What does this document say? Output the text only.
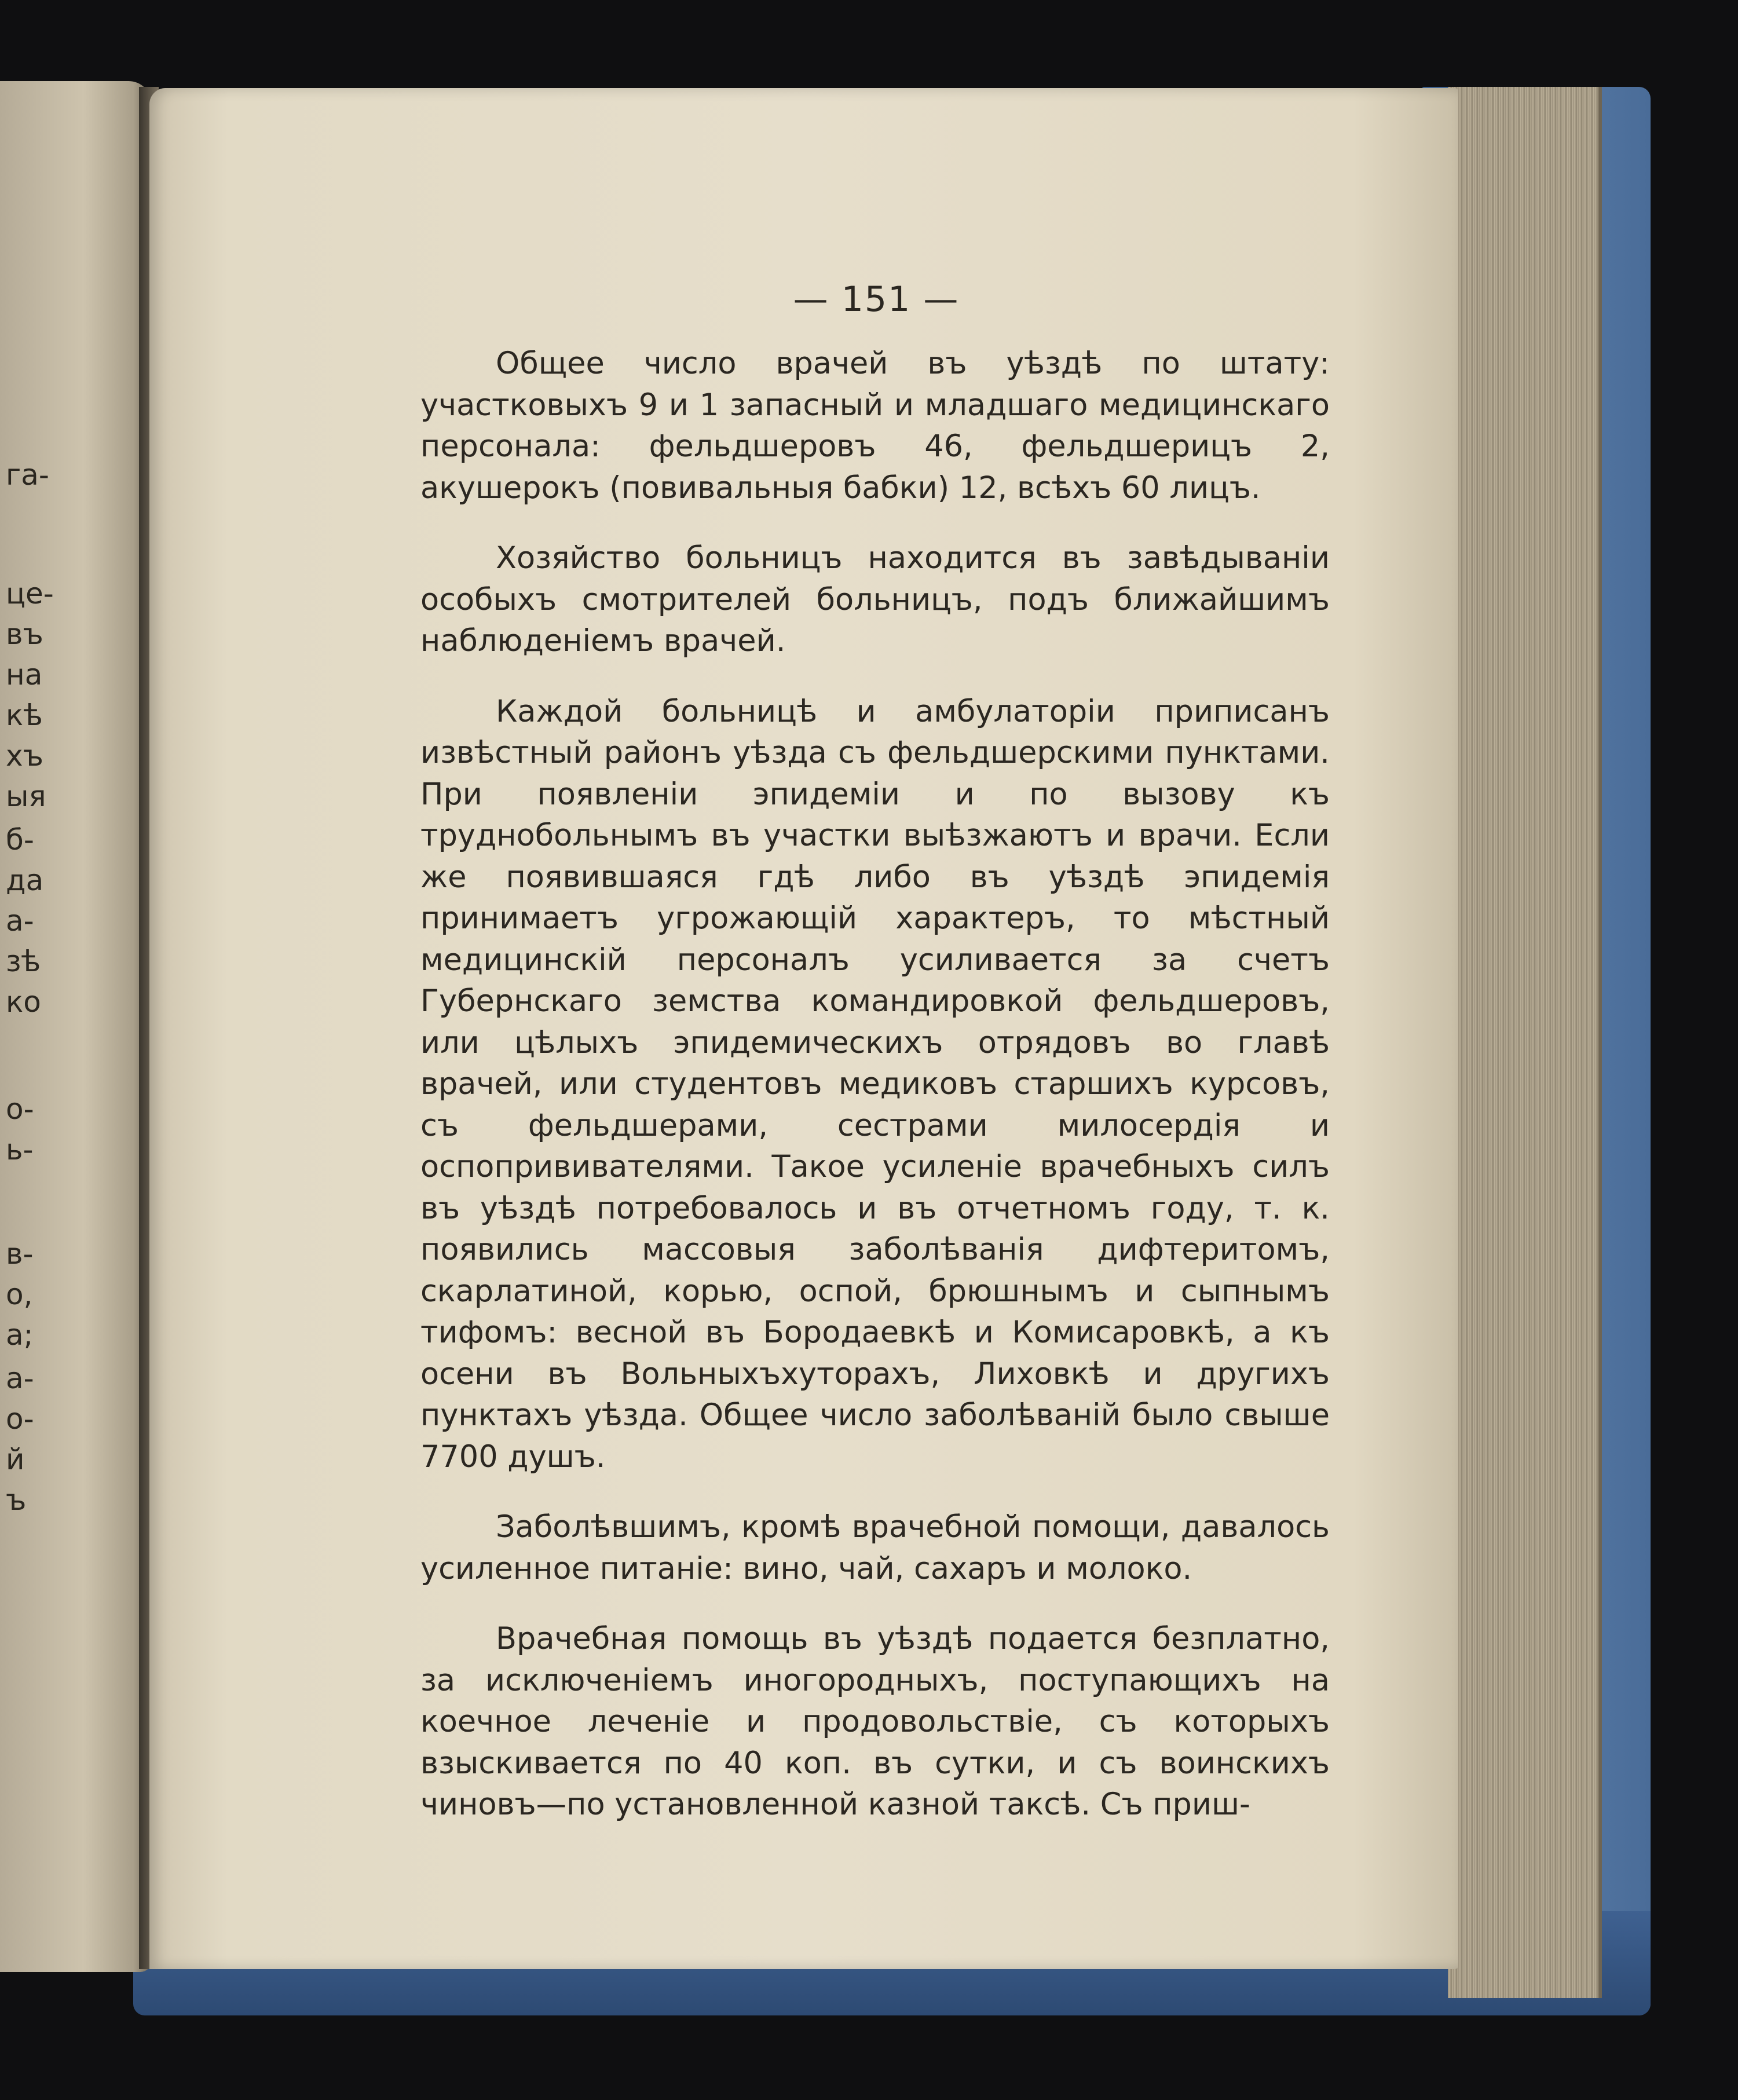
га-
це-
въ
на
кѣ
хъ
ыя
б-
да
а-
зѣ
ко
о-
ь-
в-
о,
а;
а-
о-
й
ъ
— 151 —

Общее число врачей въ уѣздѣ по штату: участковыхъ 9 и 1 запасный и младшаго медицинскаго персонала: фельдшеровъ 46, фельдшерицъ 2, акушерокъ (повивальныя бабки) 12, всѣхъ 60 лицъ.

Хозяйство больницъ находится въ завѣдываніи особыхъ смотрителей больницъ, подъ ближайшимъ наблюденіемъ врачей.

Каждой больницѣ и амбулаторіи приписанъ извѣстный районъ уѣзда съ фельдшерскими пунктами. При появленіи эпидеміи и по вызову къ труднобольнымъ въ участки выѣзжаютъ и врачи. Если же появившаяся гдѣ либо въ уѣздѣ эпидемія принимаетъ угрожающій характеръ, то мѣстный медицинскій персоналъ усиливается за счетъ Губернскаго земства командировкой фельдшеровъ, или цѣлыхъ эпидемическихъ отрядовъ во главѣ врачей, или студентовъ медиковъ старшихъ курсовъ, съ фельдшерами, сестрами милосердія и оспопрививателями. Такое усиленіе врачебныхъ силъ въ уѣздѣ потребовалось и въ отчетномъ году, т. к. появились массовыя заболѣванія дифтеритомъ, скарлатиной, корью, оспой, брюшнымъ и сыпнымъ тифомъ: весной въ Бородаевкѣ и Комисаровкѣ, а къ осени въ Вольныхъхуторахъ, Лиховкѣ и другихъ пунктахъ уѣзда. Общее число заболѣваній было свыше 7700 душъ.

Заболѣвшимъ, кромѣ врачебной помощи, давалось усиленное питаніе: вино, чай, сахаръ и молоко.

Врачебная помощь въ уѣздѣ подается безплатно, за исключеніемъ иногородныхъ, поступающихъ на коечное леченіе и продовольствіе, съ которыхъ взыскивается по 40 коп. въ сутки, и съ воинскихъ чиновъ—по установленной казной таксѣ. Съ приш-
